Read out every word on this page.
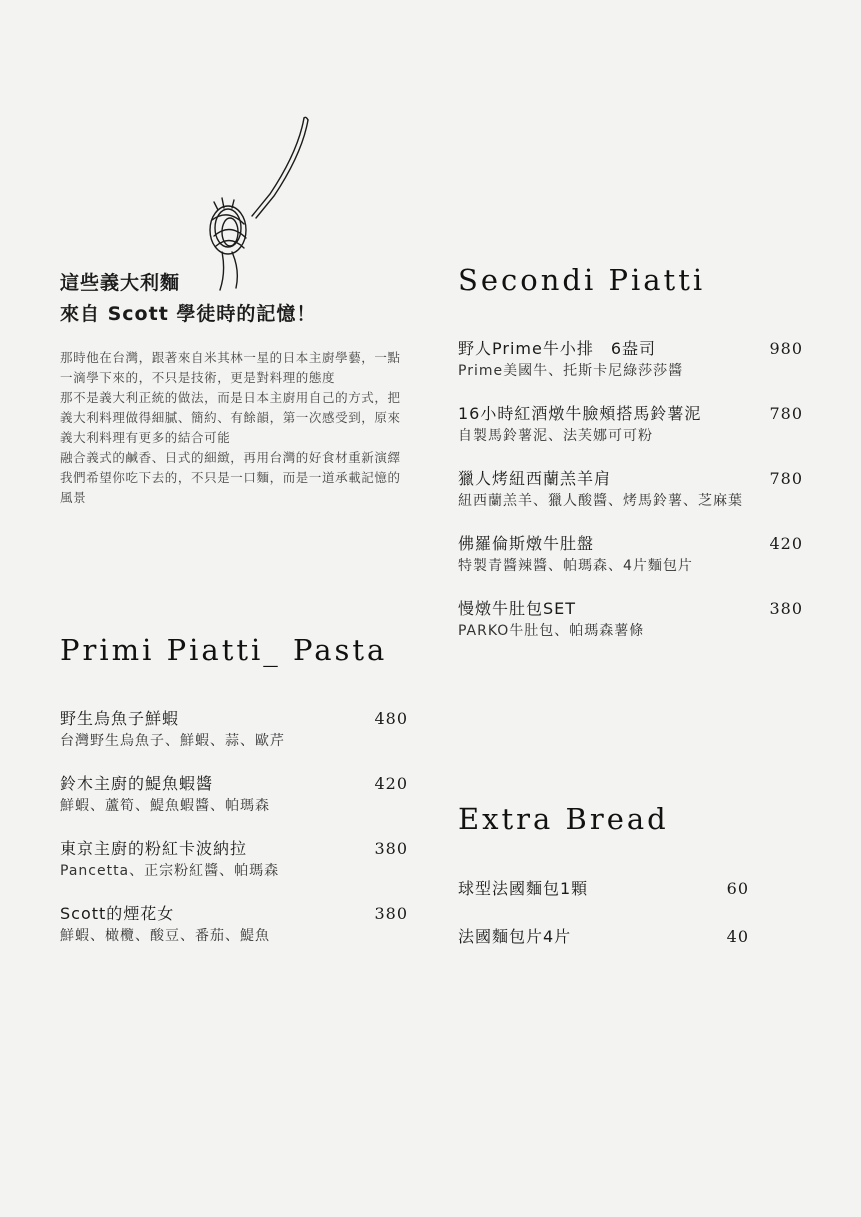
這些義大利麵
來自 Scott 學徒時的記憶！

那時他在台灣，跟著來自米其林一星的日本主廚學藝，一點一滴學下來的，不只是技術，更是對料理的態度

那不是義大利正統的做法，而是日本主廚用自己的方式，把義大利料理做得細膩、簡約、有餘韻，第一次感受到，原來義大利料理有更多的結合可能

融合義式的鹹香、日式的細緻，再用台灣的好食材重新演繹

我們希望你吃下去的，不只是一口麵，而是一道承載記憶的風景

Primi Piatti_ Pasta
野生烏魚子鮮蝦
台灣野生烏魚子、鮮蝦、蒜、歐芹
480
鈴木主廚的鯷魚蝦醬
鮮蝦、蘆筍、鯷魚蝦醬、帕瑪森
420
東京主廚的粉紅卡波納拉
Pancetta、正宗粉紅醬、帕瑪森
380
Scott的煙花女
鮮蝦、橄欖、酸豆、番茄、鯷魚
380
Secondi Piatti
野人Prime牛小排　6盎司
Prime美國牛、托斯卡尼綠莎莎醬
980
16小時紅酒燉牛臉頰搭馬鈴薯泥
自製馬鈴薯泥、法芙娜可可粉
780
獵人烤紐西蘭羔羊肩
紐西蘭羔羊、獵人酸醬、烤馬鈴薯、芝麻葉
780
佛羅倫斯燉牛肚盤
特製青醬辣醬、帕瑪森、4片麵包片
420
慢燉牛肚包SET
PARKO牛肚包、帕瑪森薯條
380
Extra Bread
球型法國麵包1顆	60
法國麵包片4片	40
